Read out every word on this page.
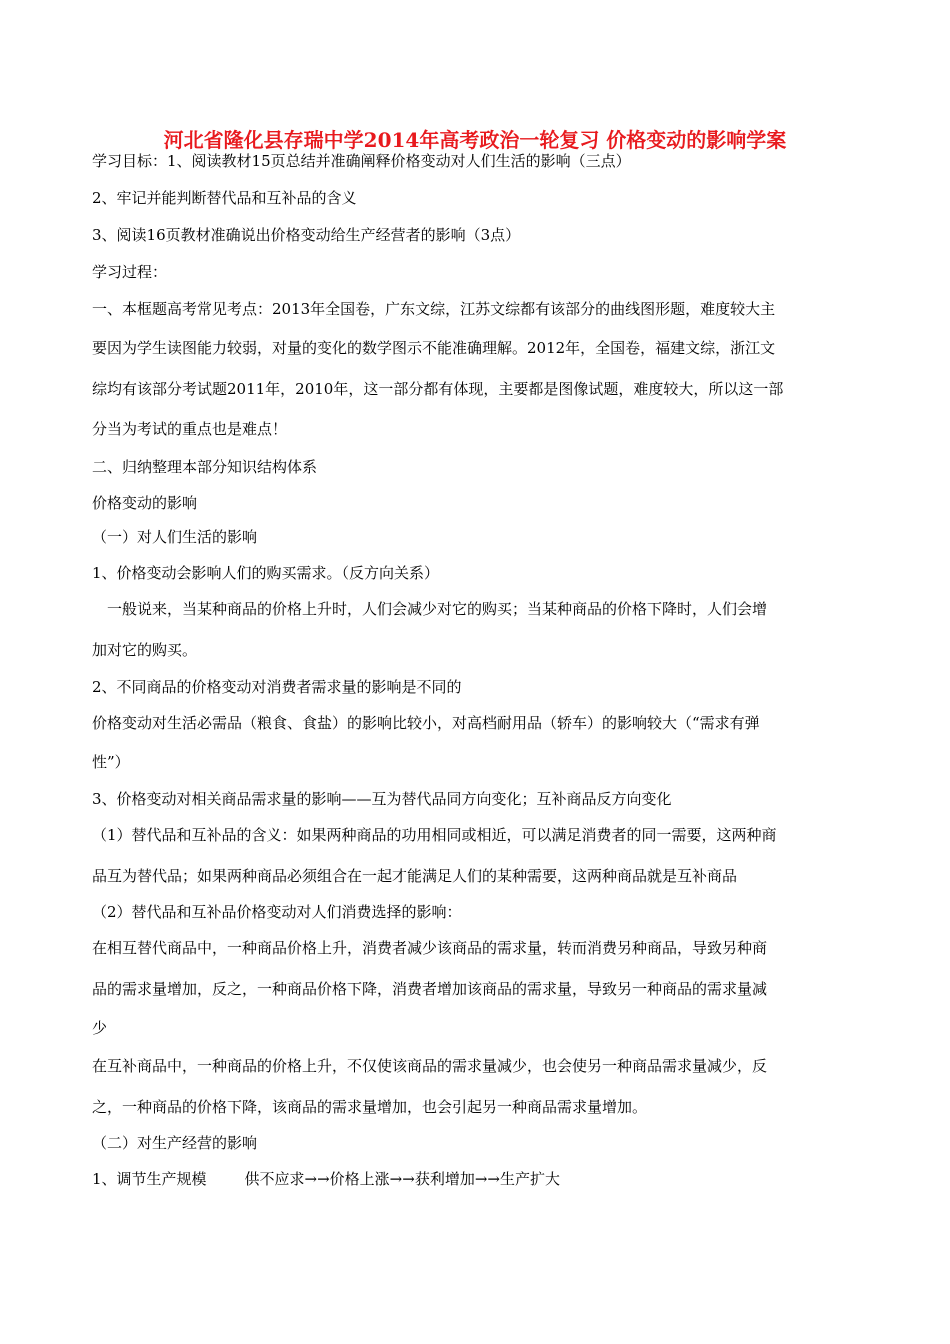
河北省隆化县存瑞中学2014年高考政治一轮复习 价格变动的影响学案
学习目标：1、阅读教材15页总结并准确阐释价格变动对人们生活的影响（三点）
2、牢记并能判断替代品和互补品的含义
3、阅读16页教材准确说出价格变动给生产经营者的影响（3点）
学习过程：
一、本框题高考常见考点：2013年全国卷，广东文综，江苏文综都有该部分的曲线图形题，难度较大主
要因为学生读图能力较弱，对量的变化的数学图示不能准确理解。2012年，全国卷，福建文综，浙江文
综均有该部分考试题2011年，2010年，这一部分都有体现，主要都是图像试题，难度较大，所以这一部
分当为考试的重点也是难点！
二、归纳整理本部分知识结构体系
价格变动的影响
（一）对人们生活的影响
1、价格变动会影响人们的购买需求。（反方向关系）
一般说来，当某种商品的价格上升时，人们会减少对它的购买；当某种商品的价格下降时，人们会增
加对它的购买。
2、不同商品的价格变动对消费者需求量的影响是不同的
价格变动对生活必需品（粮食、食盐）的影响比较小，对高档耐用品（轿车）的影响较大（“需求有弹
性”）
3、价格变动对相关商品需求量的影响——互为替代品同方向变化；互补商品反方向变化
（1）替代品和互补品的含义：如果两种商品的功用相同或相近，可以满足消费者的同一需要，这两种商
品互为替代品；如果两种商品必须组合在一起才能满足人们的某种需要，这两种商品就是互补商品
（2）替代品和互补品价格变动对人们消费选择的影响：
在相互替代商品中，一种商品价格上升，消费者减少该商品的需求量，转而消费另种商品，导致另种商
品的需求量增加，反之，一种商品价格下降，消费者增加该商品的需求量，导致另一种商品的需求量减
少
在互补商品中，一种商品的价格上升，不仅使该商品的需求量减少，也会使另一种商品需求量减少，反
之，一种商品的价格下降，该商品的需求量增加，也会引起另一种商品需求量增加。
（二）对生产经营的影响
1、调节生产规模	供不应求→→价格上涨→→获利增加→→生产扩大
